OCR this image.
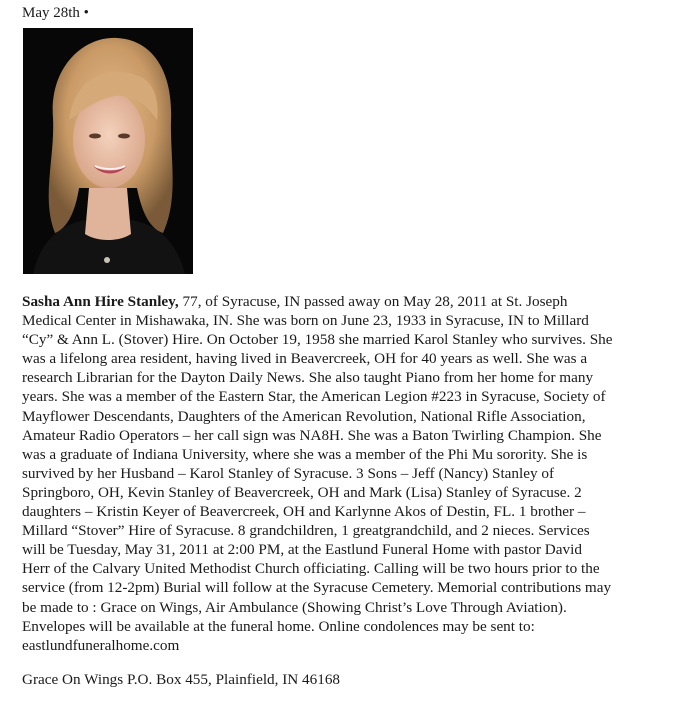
May 28th •
Sasha Ann Hire Stanley, 77, of Syracuse, IN passed away on May 28, 2011 at St. Joseph
Medical Center in Mishawaka, IN. She was born on June 23, 1933 in Syracuse, IN to Millard
“Cy” & Ann L. (Stover) Hire. On October 19, 1958 she married Karol Stanley who survives. She
was a lifelong area resident, having lived in Beavercreek, OH for 40 years as well. She was a
research Librarian for the Dayton Daily News. She also taught Piano from her home for many
years. She was a member of the Eastern Star, the American Legion #223 in Syracuse, Society of
Mayflower Descendants, Daughters of the American Revolution, National Rifle Association,
Amateur Radio Operators – her call sign was NA8H. She was a Baton Twirling Champion. She
was a graduate of Indiana University, where she was a member of the Phi Mu sorority. She is
survived by her Husband – Karol Stanley of Syracuse. 3 Sons – Jeff (Nancy) Stanley of
Springboro, OH, Kevin Stanley of Beavercreek, OH and Mark (Lisa) Stanley of Syracuse. 2
daughters – Kristin Keyer of Beavercreek, OH and Karlynne Akos of Destin, FL. 1 brother –
Millard “Stover” Hire of Syracuse. 8 grandchildren, 1 greatgrandchild, and 2 nieces. Services
will be Tuesday, May 31, 2011 at 2:00 PM, at the Eastlund Funeral Home with pastor David
Herr of the Calvary United Methodist Church officiating. Calling will be two hours prior to the
service (from 12-2pm) Burial will follow at the Syracuse Cemetery. Memorial contributions may
be made to : Grace on Wings, Air Ambulance (Showing Christ’s Love Through Aviation).
Envelopes will be available at the funeral home. Online condolences may be sent to:
eastlundfuneralhome.com
Grace On Wings P.O. Box 455, Plainfield, IN 46168
